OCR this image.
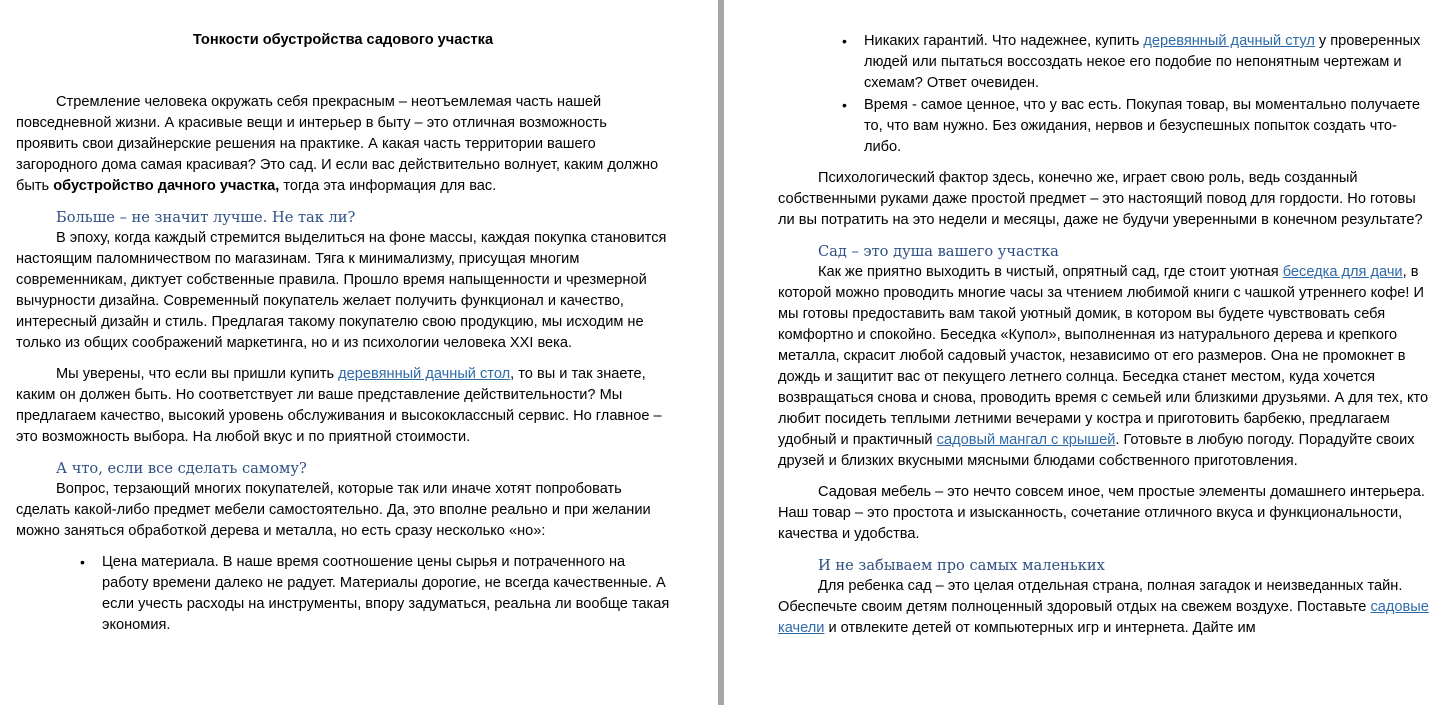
Тонкости обустройства садового участка

Стремление человека окружать себя прекрасным – неотъемлемая часть нашей повседневной жизни. А красивые вещи и интерьер в быту – это отличная возможность проявить свои дизайнерские решения на практике. А какая часть территории вашего загородного дома самая красивая? Это сад. И если вас действительно волнует, каким должно быть обустройство дачного участка, тогда эта информация для вас.

Больше – не значит лучше. Не так ли?

В эпоху, когда каждый стремится выделиться на фоне массы, каждая покупка становится настоящим паломничеством по магазинам. Тяга к минимализму, присущая многим современникам, диктует собственные правила. Прошло время напыщенности и чрезмерной вычурности дизайна. Современный покупатель желает получить функционал и качество, интересный дизайн и стиль. Предлагая такому покупателю свою продукцию, мы исходим не только из общих соображений маркетинга, но и из психологии человека XXI века.

Мы уверены, что если вы пришли купить деревянный дачный стол, то вы и так знаете, каким он должен быть. Но соответствует ли ваше представление действительности? Мы предлагаем качество, высокий уровень обслуживания и высококлассный сервис. Но главное – это возможность выбора. На любой вкус и по приятной стоимости.

А что, если все сделать самому?

Вопрос, терзающий многих покупателей, которые так или иначе хотят попробовать сделать какой-либо предмет мебели самостоятельно. Да, это вполне реально и при желании можно заняться обработкой дерева и металла, но есть сразу несколько «но»:

• Цена материала. В наше время соотношение цены сырья и потраченного на работу времени далеко не радует. Материалы дорогие, не всегда качественные. А если учесть расходы на инструменты, впору задуматься, реальна ли вообще такая экономия.
• Никаких гарантий. Что надежнее, купить деревянный дачный стул у проверенных людей или пытаться воссоздать некое его подобие по непонятным чертежам и схемам? Ответ очевиден.
• Время - самое ценное, что у вас есть. Покупая товар, вы моментально получаете то, что вам нужно. Без ожидания, нервов и безуспешных попыток создать что-либо.

Психологический фактор здесь, конечно же, играет свою роль, ведь созданный собственными руками даже простой предмет – это настоящий повод для гордости. Но готовы ли вы потратить на это недели и месяцы, даже не будучи уверенными в конечном результате?

Сад – это душа вашего участка

Как же приятно выходить в чистый, опрятный сад, где стоит уютная беседка для дачи, в которой можно проводить многие часы за чтением любимой книги с чашкой утреннего кофе! И мы готовы предоставить вам такой уютный домик, в котором вы будете чувствовать себя комфортно и спокойно. Беседка «Купол», выполненная из натурального дерева и крепкого металла, скрасит любой садовый участок, независимо от его размеров. Она не промокнет в дождь и защитит вас от пекущего летнего солнца. Беседка станет местом, куда хочется возвращаться снова и снова, проводить время с семьей или близкими друзьями. А для тех, кто любит посидеть теплыми летними вечерами у костра и приготовить барбекю, предлагаем удобный и практичный садовый мангал с крышей. Готовьте в любую погоду. Порадуйте своих друзей и близких вкусными мясными блюдами собственного приготовления.

Садовая мебель – это нечто совсем иное, чем простые элементы домашнего интерьера. Наш товар – это простота и изысканность, сочетание отличного вкуса и функциональности, качества и удобства.

И не забываем про самых маленьких

Для ребенка сад – это целая отдельная страна, полная загадок и неизведанных тайн. Обеспечьте своим детям полноценный здоровый отдых на свежем воздухе. Поставьте садовые качели и отвлеките детей от компьютерных игр и интернета. Дайте им
